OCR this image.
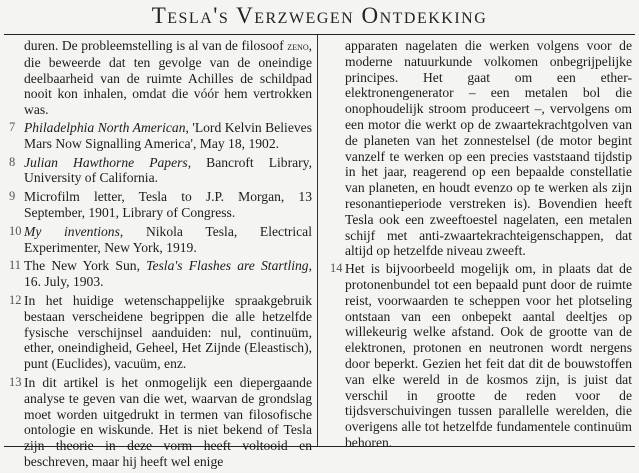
Tesla's Verzwegen Ontdekking

duren. De probleemstelling is al van de filosoof zeno, die beweerde dat ten gevolge van de oneindige deelbaarheid van de ruimte Achilles de schildpad nooit kon inhalen, omdat die vóór hem vertrokken was.

7 Philadelphia North American, 'Lord Kelvin Believes Mars Now Signalling America', May 18, 1902.
8 Julian Hawthorne Papers, Bancroft Library, University of California.
9 Microfilm letter, Tesla to J.P. Morgan, 13 September, 1901, Library of Congress.
10 My inventions, Nikola Tesla, Electrical Experimenter, New York, 1919.
11 The New York Sun, Tesla's Flashes are Startling, 16. July, 1903.
12 In het huidige wetenschappelijke spraakgebruik bestaan verscheidene begrippen die alle hetzelfde fysische verschijnsel aanduiden: nul, continuüm, ether, oneindigheid, Geheel, Het Zijnde (Eleastisch), punt (Euclides), vacuüm, enz.
13 In dit artikel is het onmogelijk een diepergaande analyse te geven van die wet, waarvan de grondslag moet worden uitgedrukt in termen van filosofische ontologie en wiskunde. Het is niet bekend of Tesla zijn theorie in deze vorm heeft voltooid en beschreven, maar hij heeft wel enige

apparaten nagelaten die werken volgens voor de moderne natuurkunde volkomen onbegrijpelijke principes. Het gaat om een ether-elektronengenerator – een metalen bol die onophoudelijk stroom produceert –, vervolgens om een motor die werkt op de zwaartekrachtgolven van de planeten van het zonnestelsel (de motor begint vanzelf te werken op een precies vaststaand tijdstip in het jaar, reagerend op een bepaalde constellatie van planeten, en houdt evenzo op te werken als zijn resonantieperiode verstreken is). Bovendien heeft Tesla ook een zweeftoestel nagelaten, een metalen schijf met anti-zwaartekrachteigenschappen, dat altijd op hetzelfde niveau zweeft.

14 Het is bijvoorbeeld mogelijk om, in plaats dat de protonenbundel tot een bepaald punt door de ruimte reist, voorwaarden te scheppen voor het plotseling ontstaan van een onbepekt aantal deeltjes op willekeurig welke afstand. Ook de grootte van de elektronen, protonen en neutronen wordt nergens door beperkt. Gezien het feit dat dit de bouwstoffen van elke wereld in de kosmos zijn, is juist dat verschil in grootte de reden voor de tijdsverschuivingen tussen parallelle werelden, die overigens alle tot hetzelfde fundamentele continuüm behoren.
